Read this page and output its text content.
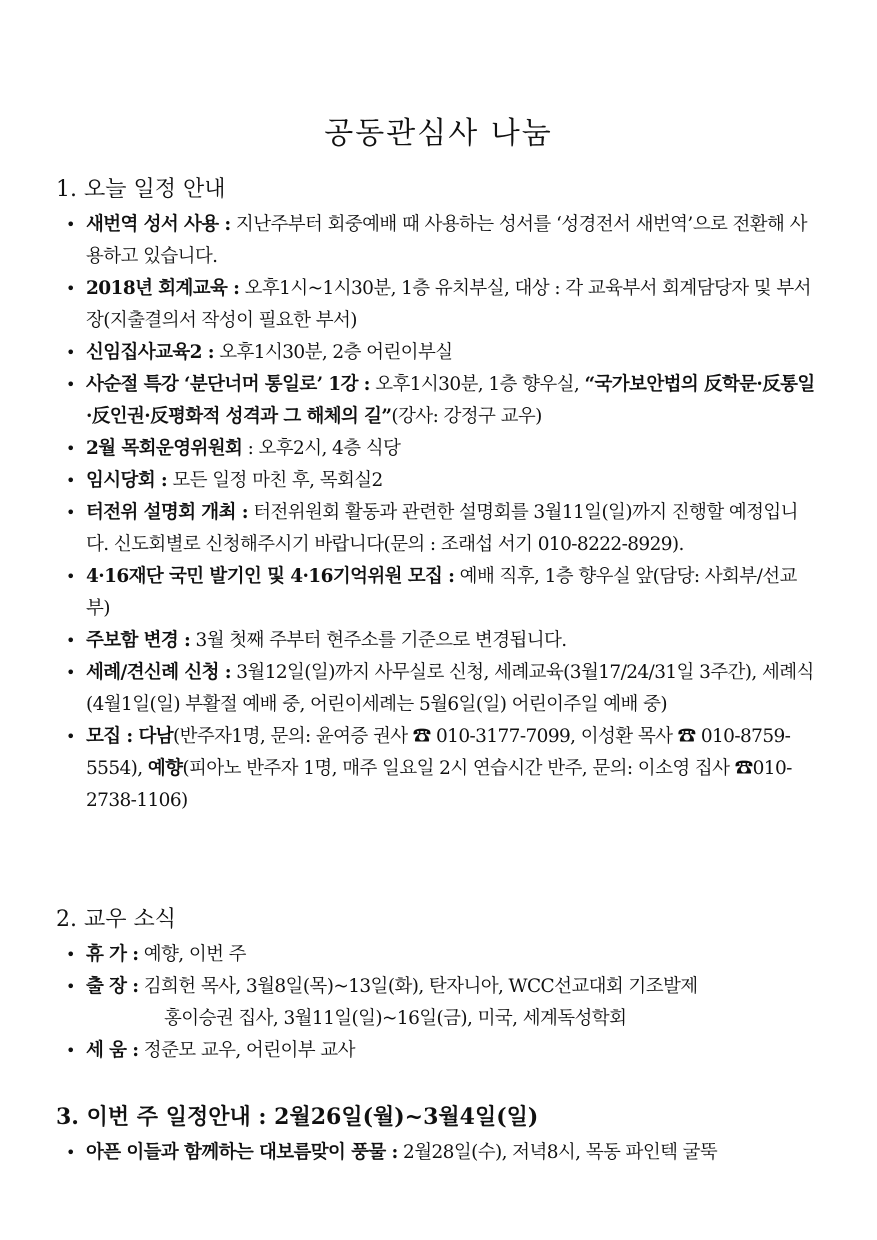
공동관심사 나눔
1. 오늘 일정 안내
• 새번역 성서 사용 : 지난주부터 회중예배 때 사용하는 성서를 ‘성경전서 새번역’으로 전환해 사용하고 있습니다.
• 2018년 회계교육 : 오후1시~1시30분, 1층 유치부실, 대상 : 각 교육부서 회계담당자 및 부서장(지출결의서 작성이 필요한 부서)
• 신임집사교육2 : 오후1시30분, 2층 어린이부실
• 사순절 특강 ‘분단너머 통일로’ 1강 : 오후1시30분, 1층 향우실, “국가보안법의 反학문·反통일·反인권·反평화적 성격과 그 해체의 길”(강사: 강정구 교우)
• 2월 목회운영위원회 : 오후2시, 4층 식당
• 임시당회 : 모든 일정 마친 후, 목회실2
• 터전위 설명회 개최 : 터전위원회 활동과 관련한 설명회를 3월11일(일)까지 진행할 예정입니다. 신도회별로 신청해주시기 바랍니다(문의 : 조래섭 서기 010-8222-8929).
• 4·16재단 국민 발기인 및 4·16기억위원 모집 : 예배 직후, 1층 향우실 앞(담당: 사회부/선교부)
• 주보함 변경 : 3월 첫째 주부터 현주소를 기준으로 변경됩니다.
• 세례/견신례 신청 : 3월12일(일)까지 사무실로 신청, 세례교육(3월17/24/31일 3주간), 세례식(4월1일(일) 부활절 예배 중, 어린이세례는 5월6일(일) 어린이주일 예배 중)
• 모집 : 다남(반주자1명, 문의: 윤여증 권사 ☎ 010-3177-7099, 이성환 목사 ☎ 010-8759-5554), 예향(피아노 반주자 1명, 매주 일요일 2시 연습시간 반주, 문의: 이소영 집사 ☎010-2738-1106)
2. 교우 소식
• 휴 가 : 예향, 이번 주
• 출 장 : 김희헌 목사, 3월8일(목)~13일(화), 탄자니아, WCC선교대회 기조발제
홍이승권 집사, 3월11일(일)~16일(금), 미국, 세계독성학회
• 세 움 : 정준모 교우, 어린이부 교사
3. 이번 주 일정안내 : 2월26일(월)~3월4일(일)
• 아픈 이들과 함께하는 대보름맞이 풍물 : 2월28일(수), 저녁8시, 목동 파인텍 굴뚝
